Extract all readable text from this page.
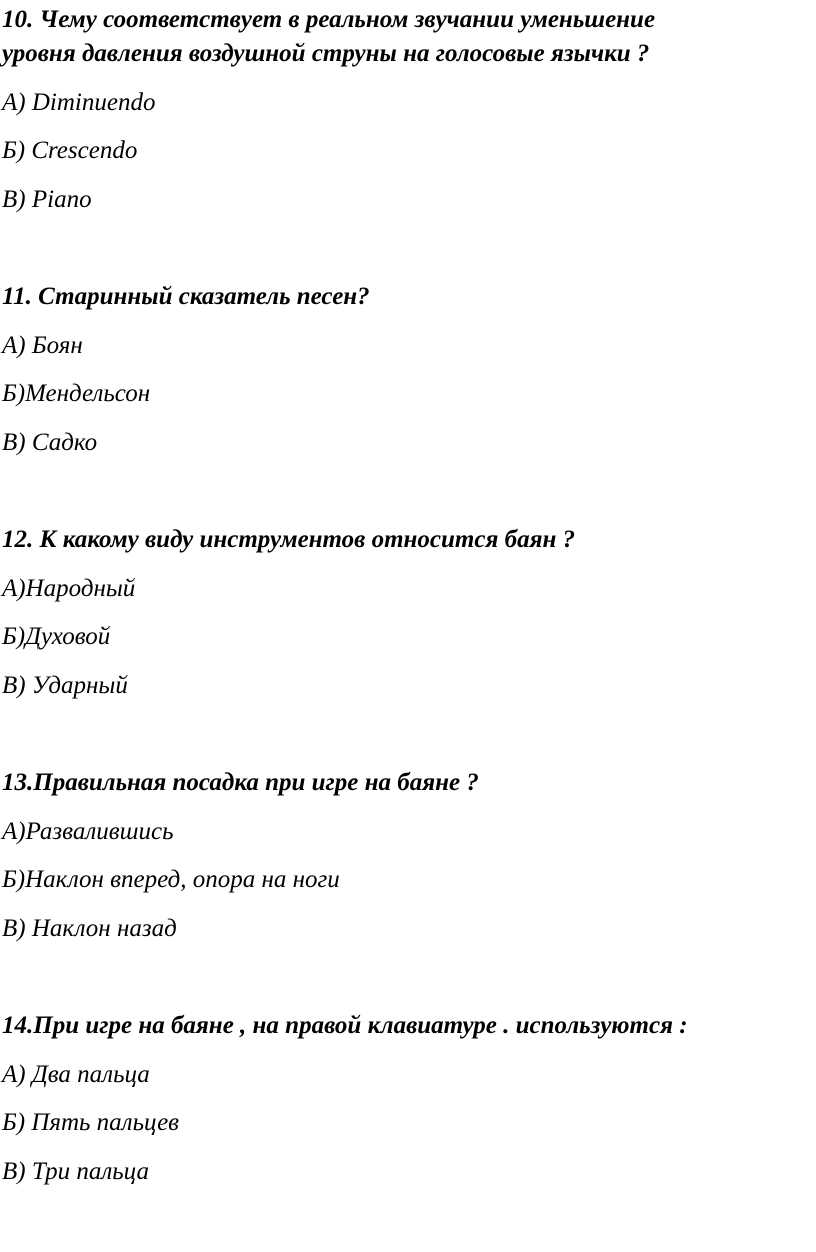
10. Чему соответствует в реальном звучании уменьшение
уровня давления воздушной струны на голосовые язычки ?

А) Diminuendo
Б) Crescendo
В) Piano

11. Старинный сказатель песен?

А) Боян
Б)Мендельсон
В) Садко

12. К какому виду инструментов относится баян ?

А)Народный
Б)Духовой
В) Ударный

13.Правильная посадка при игре на баяне ?

А)Развалившись
Б)Наклон вперед, опора на ноги
В) Наклон назад

14.При игре на баяне , на правой клавиатуре . используются :

А) Два пальца
Б) Пять пальцев
В) Три пальца
